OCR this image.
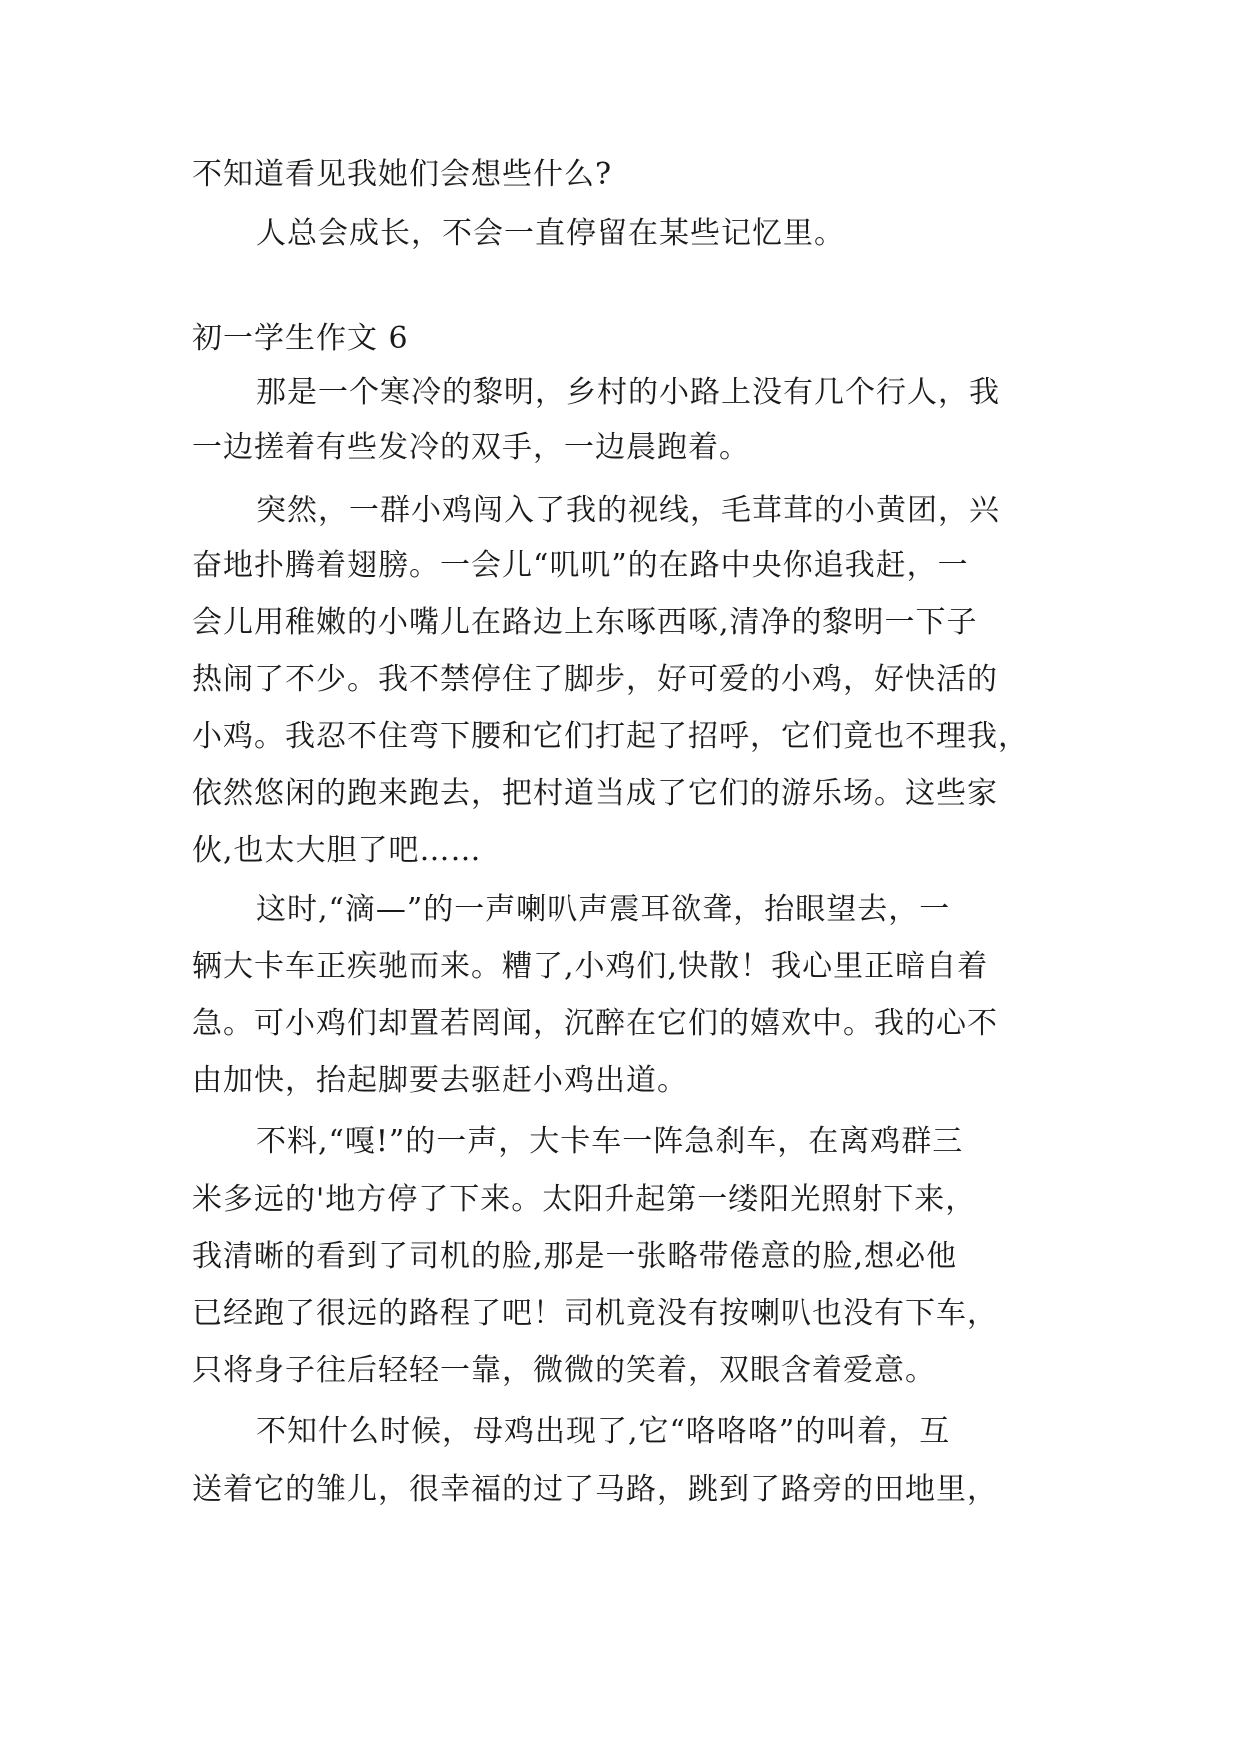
不知道看见我她们会想些什么?
人总会成长，不会一直停留在某些记忆里。
初一学生作文 6
那是一个寒冷的黎明，乡村的小路上没有几个行人，我
一边搓着有些发冷的双手，一边晨跑着。
突然，一群小鸡闯入了我的视线，毛茸茸的小黄团，兴
奋地扑腾着翅膀。一会儿“叽叽”的在路中央你追我赶，一
会儿用稚嫩的小嘴儿在路边上东啄西啄,清净的黎明一下子
热闹了不少。我不禁停住了脚步，好可爱的小鸡，好快活的
小鸡。我忍不住弯下腰和它们打起了招呼，它们竟也不理我，
依然悠闲的跑来跑去，把村道当成了它们的游乐场。这些家
伙,也太大胆了吧……
这时,“滴—”的一声喇叭声震耳欲聋，抬眼望去，一
辆大卡车正疾驰而来。糟了,小鸡们,快散！我心里正暗自着
急。可小鸡们却置若罔闻，沉醉在它们的嬉欢中。我的心不
由加快，抬起脚要去驱赶小鸡出道。
不料,“嘎!”的一声，大卡车一阵急刹车，在离鸡群三
米多远的'地方停了下来。太阳升起第一缕阳光照射下来，
我清晰的看到了司机的脸,那是一张略带倦意的脸,想必他
已经跑了很远的路程了吧！司机竟没有按喇叭也没有下车，
只将身子往后轻轻一靠，微微的笑着，双眼含着爱意。
不知什么时候，母鸡出现了,它“咯咯咯”的叫着，互
送着它的雏儿，很幸福的过了马路，跳到了路旁的田地里，
